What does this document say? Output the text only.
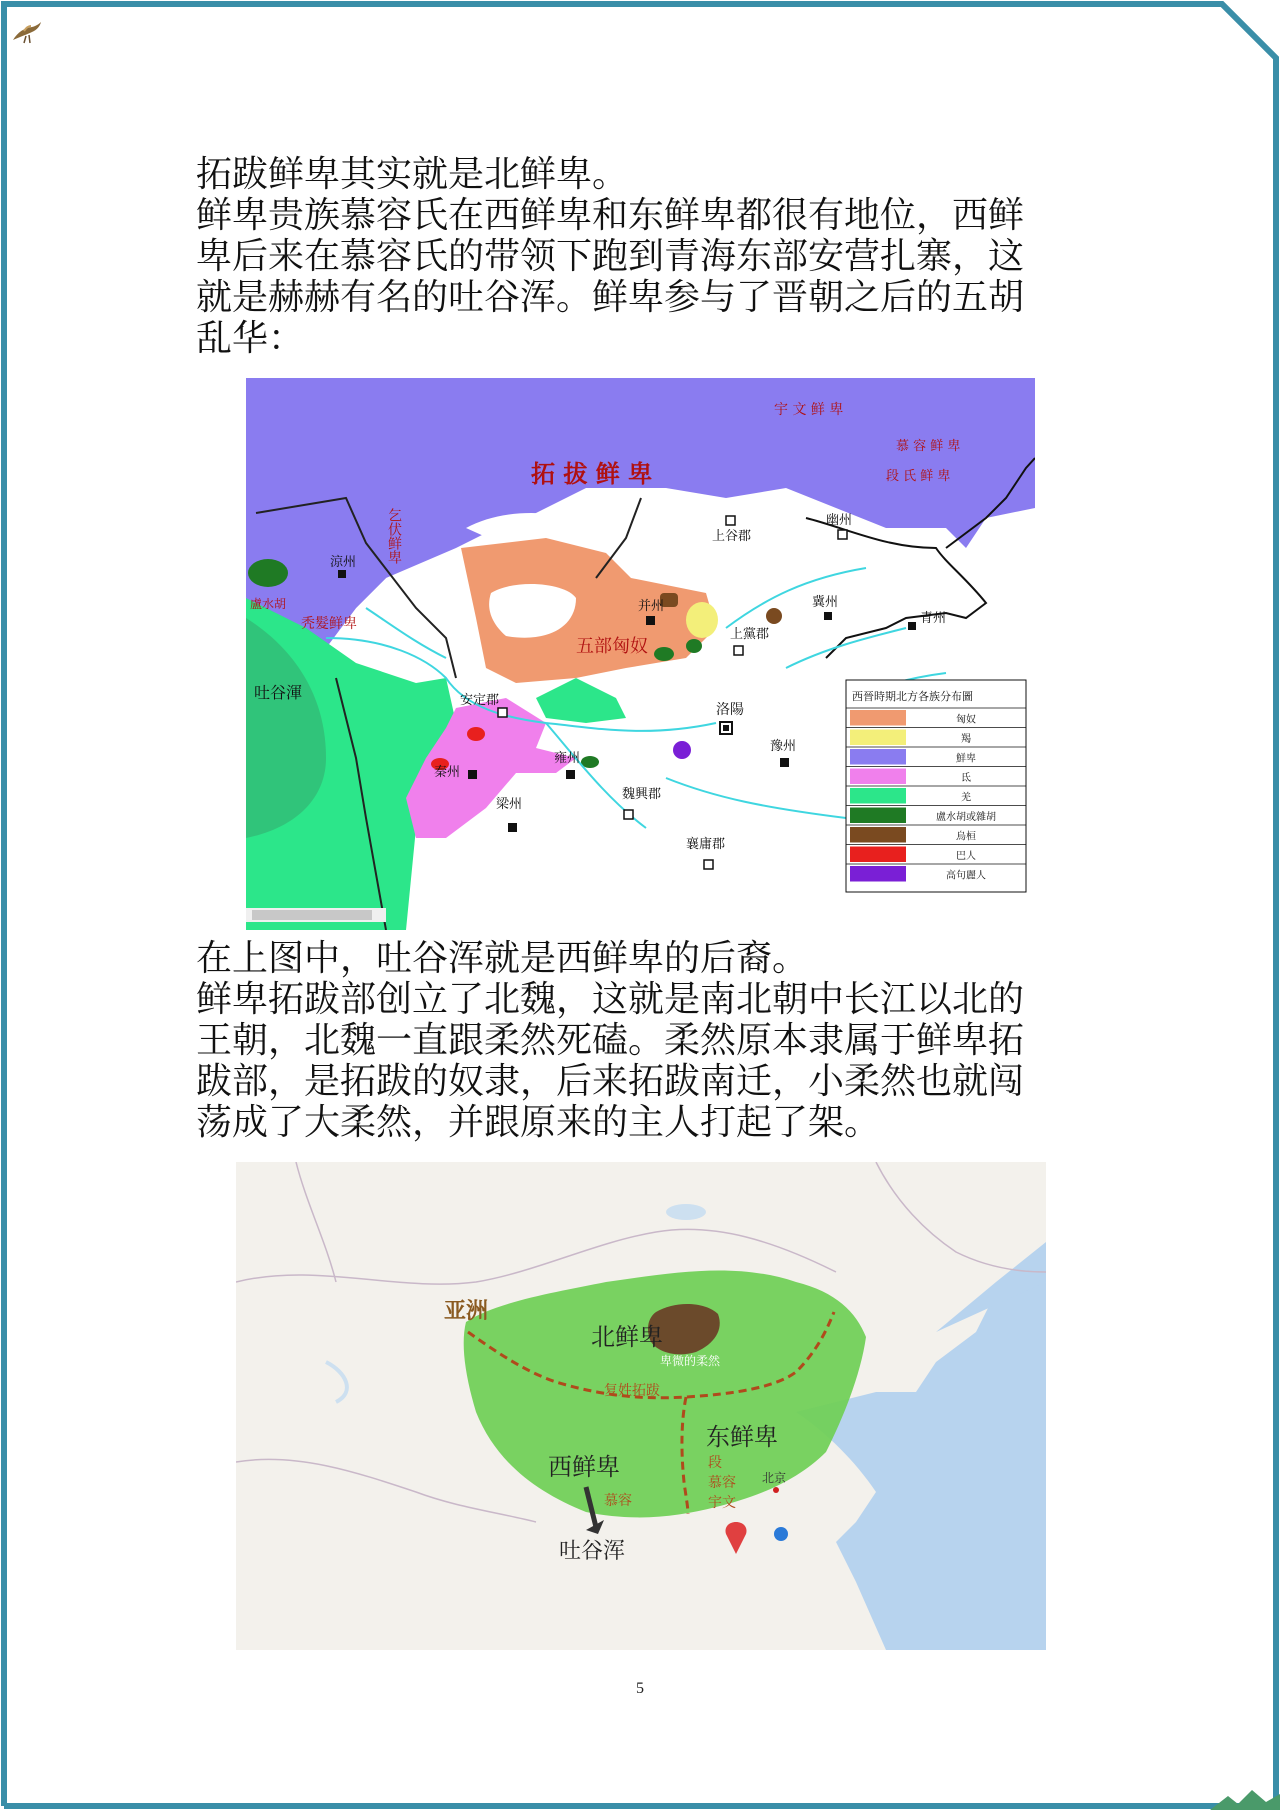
拓跋鲜卑其实就是北鲜卑。
鲜卑贵族慕容氏在西鲜卑和东鲜卑都很有地位，西鲜
卑后来在慕容氏的带领下跑到青海东部安营扎寨，这
就是赫赫有名的吐谷浑。鲜卑参与了晋朝之后的五胡
乱华：

拓 拔 鲜 卑
宇 文 鲜 卑
慕 容 鲜 卑
段 氏 鲜 卑
乞伏鲜卑
秃髮鲜卑
盧水胡
吐谷渾
五部匈奴
涼州
安定郡
秦州
雍州
梁州
魏興郡
襄庸郡
洛陽
豫州
并州
上黨郡
上谷郡
幽州
冀州
青州
西晉時期北方各族分布圖
匈奴
羯
鮮卑
氐
羌
盧水胡或雜胡
烏桓
巴人
高句麗人

在上图中，吐谷浑就是西鲜卑的后裔。
鲜卑拓跋部创立了北魏，这就是南北朝中长江以北的
王朝，北魏一直跟柔然死磕。柔然原本隶属于鲜卑拓
跋部，是拓跋的奴隶，后来拓跋南迁，小柔然也就闯
荡成了大柔然，并跟原来的主人打起了架。

亚洲
北鲜卑
卑微的柔然
复姓拓跋
西鲜卑
慕容
东鲜卑
段
慕容
宇文
北京
吐谷浑
5
